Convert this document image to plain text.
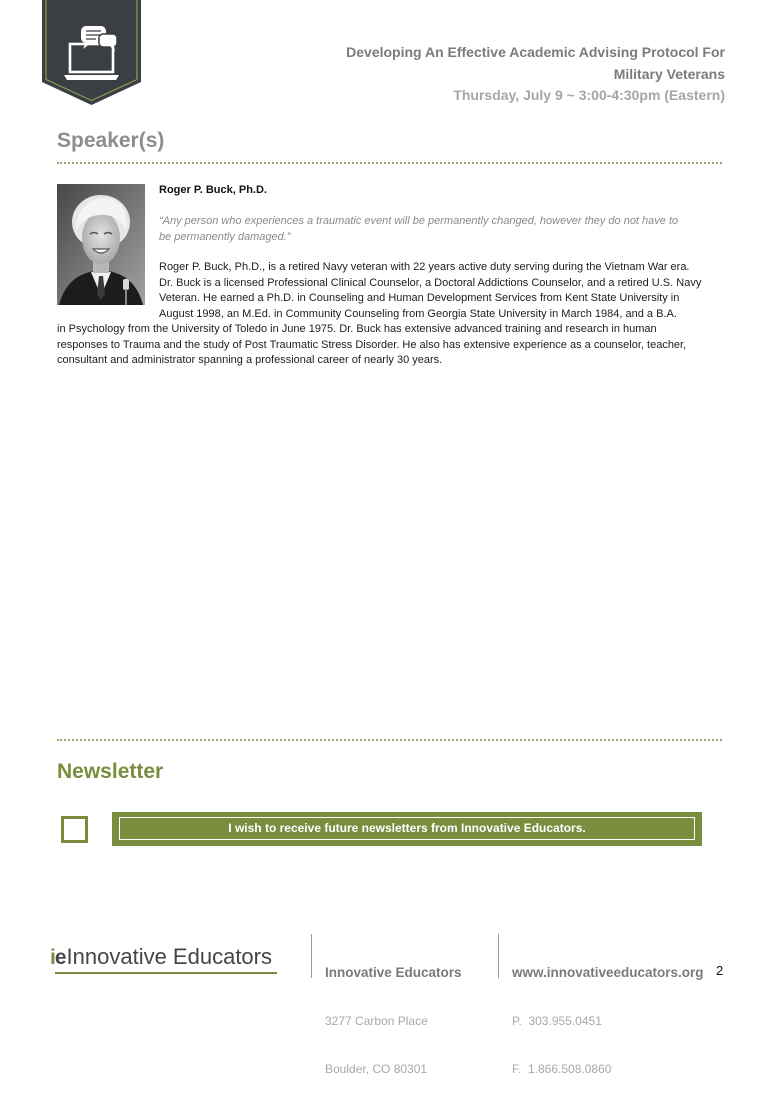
Developing An Effective Academic Advising Protocol For
Military Veterans
Thursday, July 9 ~ 3:00-4:30pm (Eastern)
Speaker(s)
Roger P. Buck, Ph.D.
“Any person who experiences a traumatic event will be permanently changed, however they do not have to
be permanently damaged.”
Roger P. Buck, Ph.D., is a retired Navy veteran with 22 years active duty serving during the Vietnam War era.
Dr. Buck is a licensed Professional Clinical Counselor, a Doctoral Addictions Counselor, and a retired U.S. Navy
Veteran. He earned a Ph.D. in Counseling and Human Development Services from Kent State University in
August 1998, an M.Ed. in Community Counseling from Georgia State University in March 1984, and a B.A.
in Psychology from the University of Toledo in June 1975. Dr. Buck has extensive advanced training and research in human
responses to Trauma and the study of Post Traumatic Stress Disorder. He also has extensive experience as a counselor, teacher,
consultant and administrator spanning a professional career of nearly 30 years.
Newsletter
I wish to receive future newsletters from Innovative Educators.
ieInnovative Educators

Innovative Educators

3277 Carbon Place

Boulder, CO 80301

www.innovativeeducators.org

P.  303.955.0451

F.  1.866.508.0860

2
